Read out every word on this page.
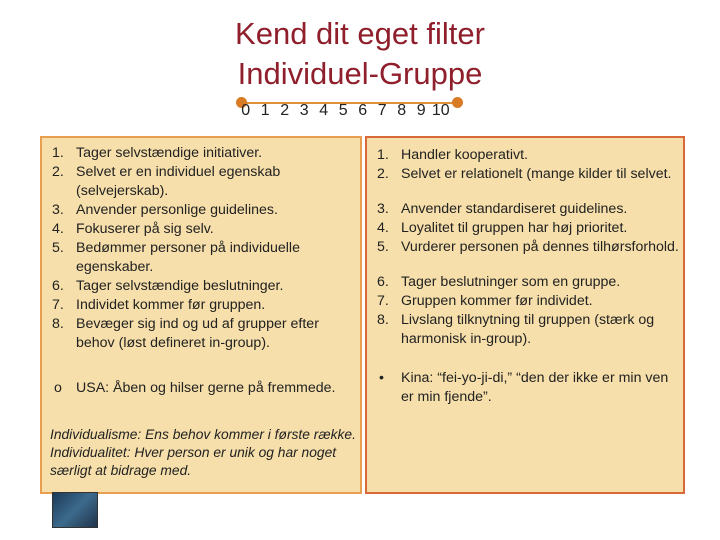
Kend dit eget filter
Individuel-Gruppe
0 1 2 3 4 5 6 7 8 9 10
1. Tager selvstændige initiativer.
2. Selvet er en individuel egenskab (selvejerskab).
3. Anvender personlige guidelines.
4. Fokuserer på sig selv.
5. Bedømmer personer på individuelle egenskaber.
6. Tager selvstændige beslutninger.
7. Individet kommer før gruppen.
8. Bevæger sig ind og ud af grupper efter behov (løst defineret in-group).
o USA: Åben og hilser gerne på fremmede.
Individualisme: Ens behov kommer i første række.
Individualitet: Hver person er unik og har noget særligt at bidrage med.
1. Handler kooperativt.
2. Selvet er relationelt (mange kilder til selvet.
3. Anvender standardiseret guidelines.
4. Loyalitet til gruppen har høj prioritet.
5. Vurderer personen på dennes tilhørsforhold.
6. Tager beslutninger som en gruppe.
7. Gruppen kommer før individet.
8. Livslang tilknytning til gruppen (stærk og harmonisk in-group).
• Kina: “fei-yo-ji-di,” “den der ikke er min ven er min fjende”.
